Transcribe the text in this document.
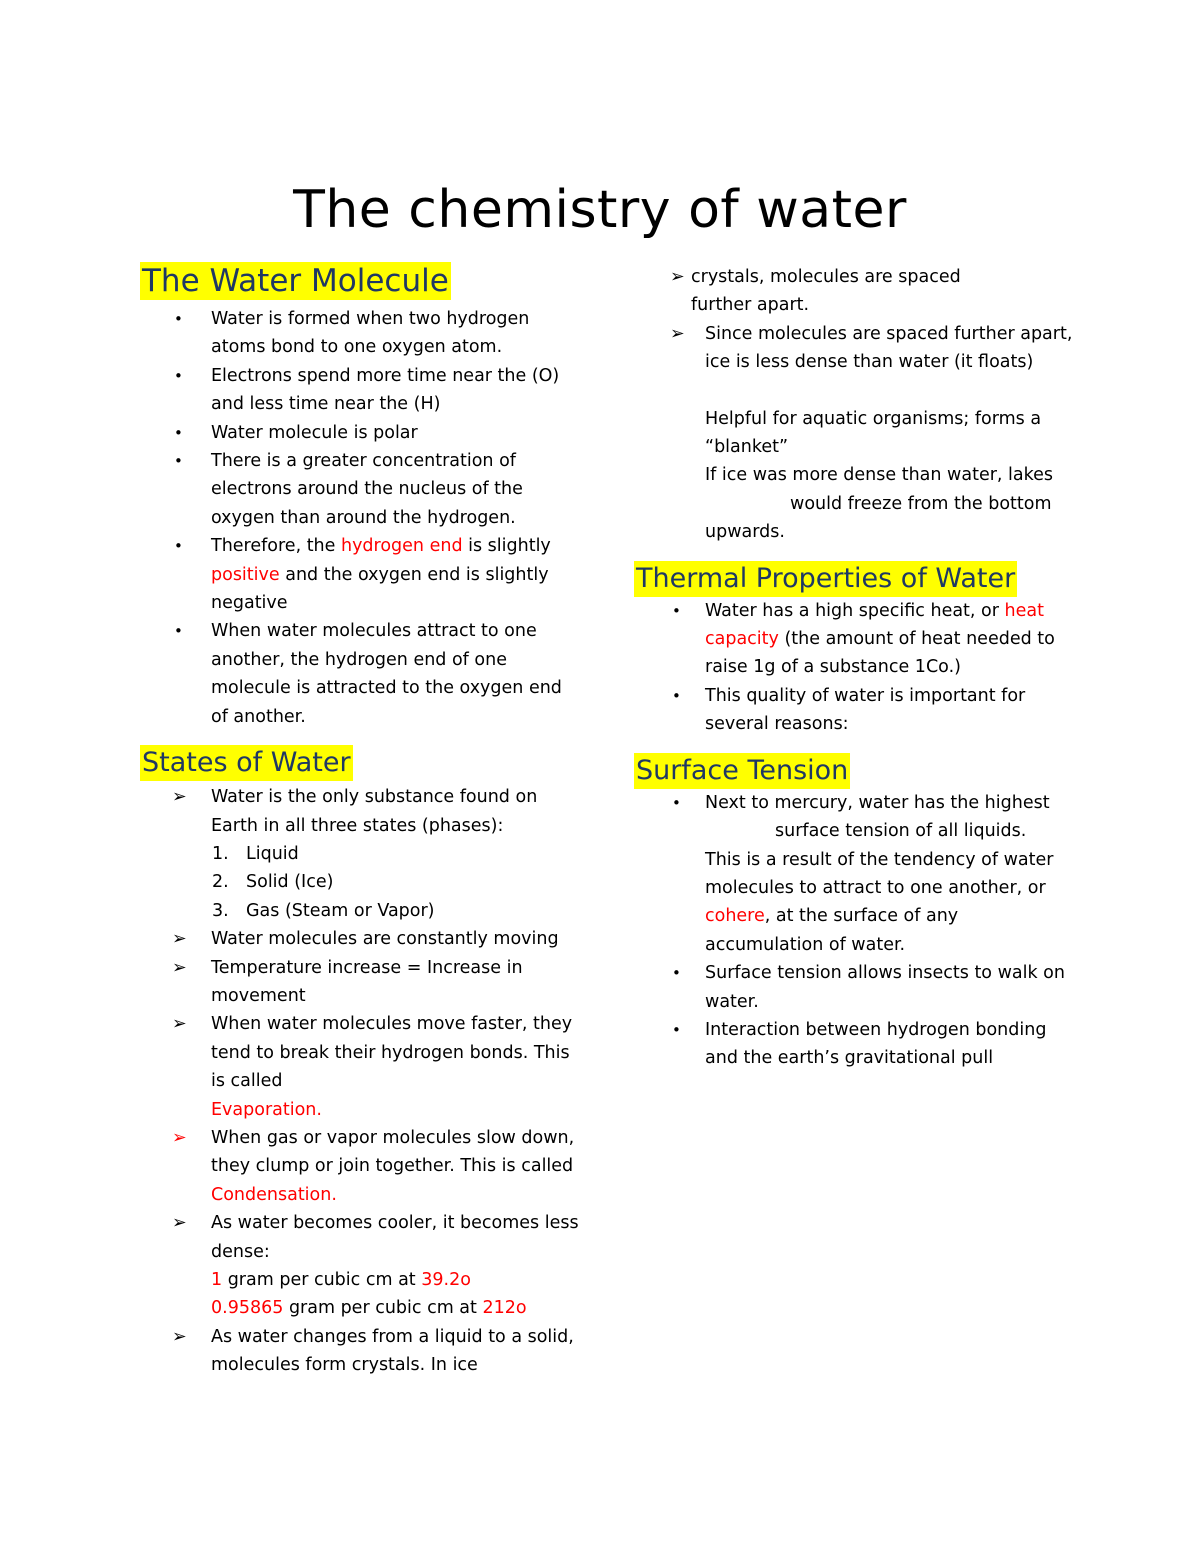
The chemistry of water
The Water Molecule
• Water is formed when two hydrogen atoms bond to one oxygen atom.
• Electrons spend more time near the (O) and less time near the (H)
• Water molecule is polar
• There is a greater concentration of electrons around the nucleus of the oxygen than around the hydrogen.
• Therefore, the hydrogen end is slightly positive and the oxygen end is slightly negative
• When water molecules attract to one another, the hydrogen end of one molecule is attracted to the oxygen end of another.
States of Water
➢ Water is the only substance found on Earth in all three states (phases):
1. Liquid
2. Solid (Ice)
3. Gas (Steam or Vapor)
➢ Water molecules are constantly moving
➢ Temperature increase = Increase in movement
➢ When water molecules move faster, they tend to break their hydrogen bonds. This is called
Evaporation.
➢ When gas or vapor molecules slow down, they clump or join together. This is called Condensation.
➢ As water becomes cooler, it becomes less dense:
1 gram per cubic cm at 39.2o
0.95865 gram per cubic cm at 212o
➢ As water changes from a liquid to a solid, molecules form crystals. In ice
➢ crystals, molecules are spaced
further apart.
➢ Since molecules are spaced further apart, ice is less dense than water (it floats)
Helpful for aquatic organisms; forms a “blanket”
If ice was more dense than water, lakes
would freeze from the bottom
upwards.
Thermal Properties of Water
• Water has a high specific heat, or heat capacity (the amount of heat needed to raise 1g of a substance 1Co.)
• This quality of water is important for several reasons:
Surface Tension
• Next to mercury, water has the highest
surface tension of all liquids.
This is a result of the tendency of water molecules to attract to one another, or cohere, at the surface of any accumulation of water.
• Surface tension allows insects to walk on water.
• Interaction between hydrogen bonding and the earth’s gravitational pull
